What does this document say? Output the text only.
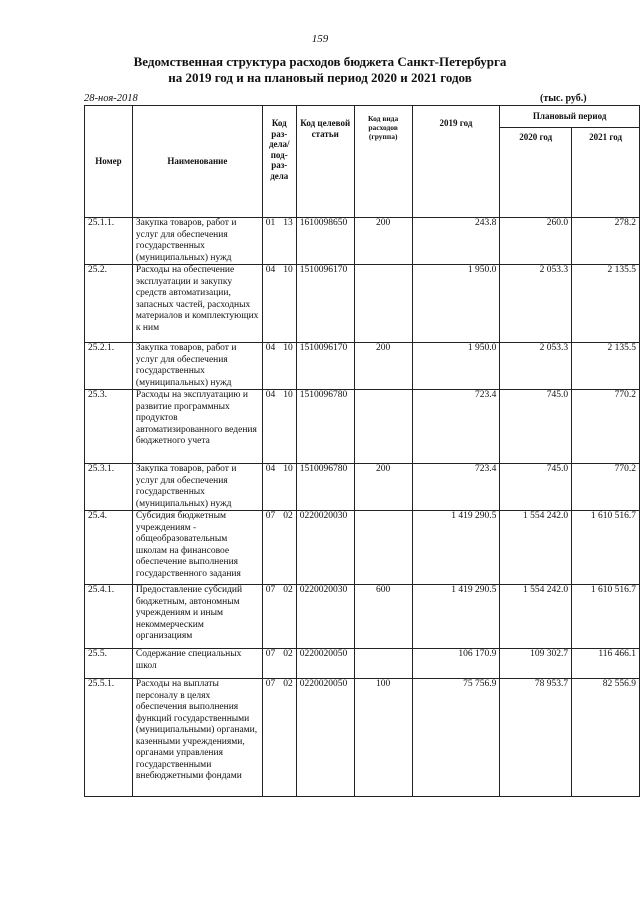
159
Ведомственная структура расходов бюджета Санкт-Петербурга
на 2019 год и на плановый период 2020 и 2021 годов
28-ноя-2018	(тыс. руб.)
Номер	Наименование	Код раз-дела/ под-раз-дела	Код целевой статьи	Код вида расходов (группа)	2019 год	Плановый период	
						2020 год	2021 год
25.1.1.	Закупка товаров, работ и услуг для обеспечения государственных (муниципальных) нужд	01 13	1610098650	200	243.8	260.0	278.2
25.2.	Расходы на обеспечение эксплуатации и закупку средств автоматизации, запасных частей, расходных материалов и комплектующих к ним	04 10	1510096170		1 950.0	2 053.3	2 135.5
25.2.1.	Закупка товаров, работ и услуг для обеспечения государственных (муниципальных) нужд	04 10	1510096170	200	1 950.0	2 053.3	2 135.5
25.3.	Расходы на эксплуатацию и развитие программных продуктов автоматизированного ведения бюджетного учета	04 10	1510096780		723.4	745.0	770.2
25.3.1.	Закупка товаров, работ и услуг для обеспечения государственных (муниципальных) нужд	04 10	1510096780	200	723.4	745.0	770.2
25.4.	Субсидия бюджетным учреждениям - общеобразовательным школам на финансовое обеспечение выполнения государственного задания	07 02	0220020030		1 419 290.5	1 554 242.0	1 610 516.7
25.4.1.	Предоставление субсидий бюджетным, автономным учреждениям и иным некоммерческим организациям	07 02	0220020030	600	1 419 290.5	1 554 242.0	1 610 516.7
25.5.	Содержание специальных школ	07 02	0220020050		106 170.9	109 302.7	116 466.1
25.5.1.	Расходы на выплаты персоналу в целях обеспечения выполнения функций государственными (муниципальными) органами, казенными учреждениями, органами управления государственными внебюджетными фондами	07 02	0220020050	100	75 756.9	78 953.7	82 556.9
